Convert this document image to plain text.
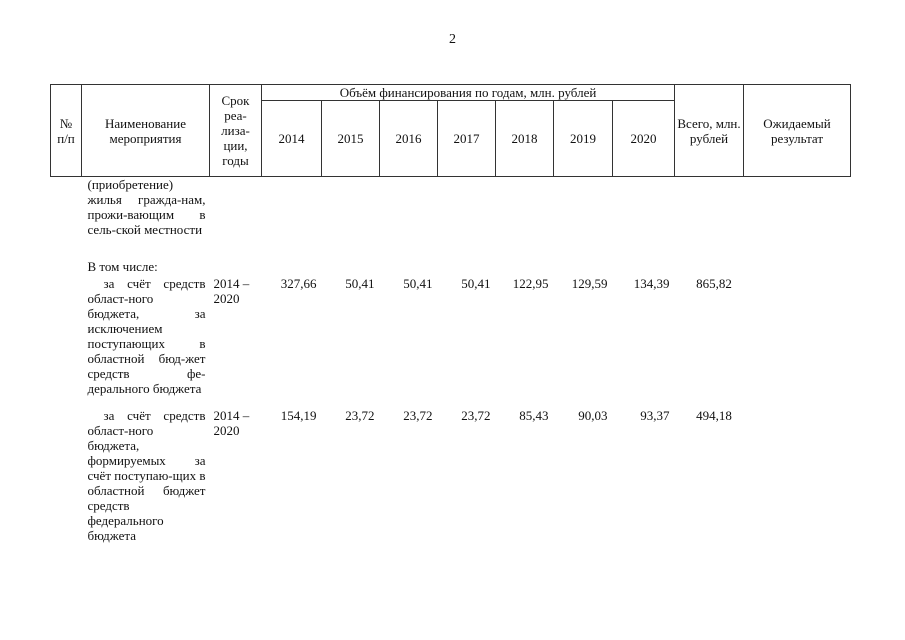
2
№ п/п	Наименование мероприятия	Срок реа-лиза-ции, годы	Объём финансирования по годам, млн. рублей							Всего, млн. рублей	Ожидаемый результат
			2014	2015	2016	2017	2018	2019	2020		
	(приобретение) жилья граждa-нам, прожи-вающим в сель-ской местности										
	В том числе:										
	за счёт средств област-ного бюджета, за исключением поступающих в областной бюд-жет средств фе-дерального бюджета	2014 – 2020	327,66	50,41	50,41	50,41	122,95	129,59	134,39	865,82	
	за счёт средств област-ного бюджета, формируемых за счёт поступаю-щих в областной бюджет средств федерального бюджета	2014 – 2020	154,19	23,72	23,72	23,72	85,43	90,03	93,37	494,18	
